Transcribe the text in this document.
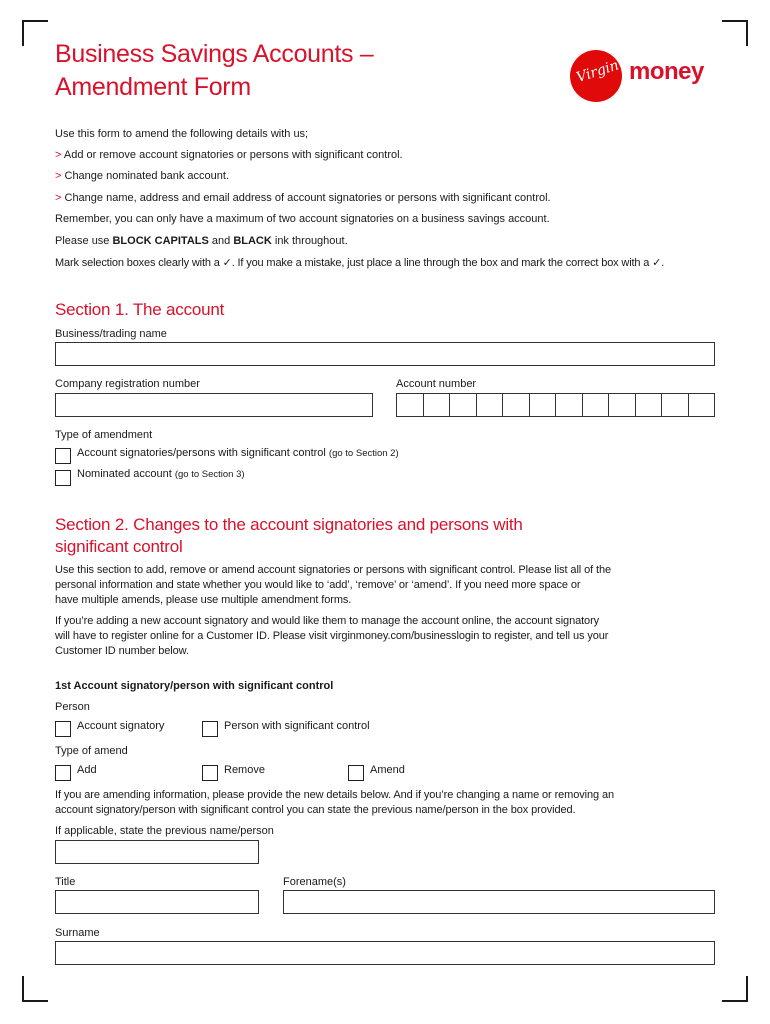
Business Savings Accounts –
Amendment Form
Virgin money
Use this form to amend the following details with us;
> Add or remove account signatories or persons with significant control.
> Change nominated bank account.
> Change name, address and email address of account signatories or persons with significant control.
Remember, you can only have a maximum of two account signatories on a business savings account.
Please use BLOCK CAPITALS and BLACK ink throughout.
Mark selection boxes clearly with a ✓. If you make a mistake, just place a line through the box and mark the correct box with a ✓.
Section 1. The account
Business/trading name
Company registration number	Account number
Type of amendment
Account signatories/persons with significant control (go to Section 2)
Nominated account (go to Section 3)
Section 2. Changes to the account signatories and persons with
significant control
Use this section to add, remove or amend account signatories or persons with significant control. Please list all of the
personal information and state whether you would like to ‘add’, ‘remove’ or ‘amend’. If you need more space or
have multiple amends, please use multiple amendment forms.
If you’re adding a new account signatory and would like them to manage the account online, the account signatory
will have to register online for a Customer ID. Please visit virginmoney.com/businesslogin to register, and tell us your
Customer ID number below.
1st Account signatory/person with significant control
Person
Account signatory	Person with significant control
Type of amend
Add	Remove	Amend
If you are amending information, please provide the new details below. And if you’re changing a name or removing an
account signatory/person with significant control you can state the previous name/person in the box provided.
If applicable, state the previous name/person
Title	Forename(s)
Surname
